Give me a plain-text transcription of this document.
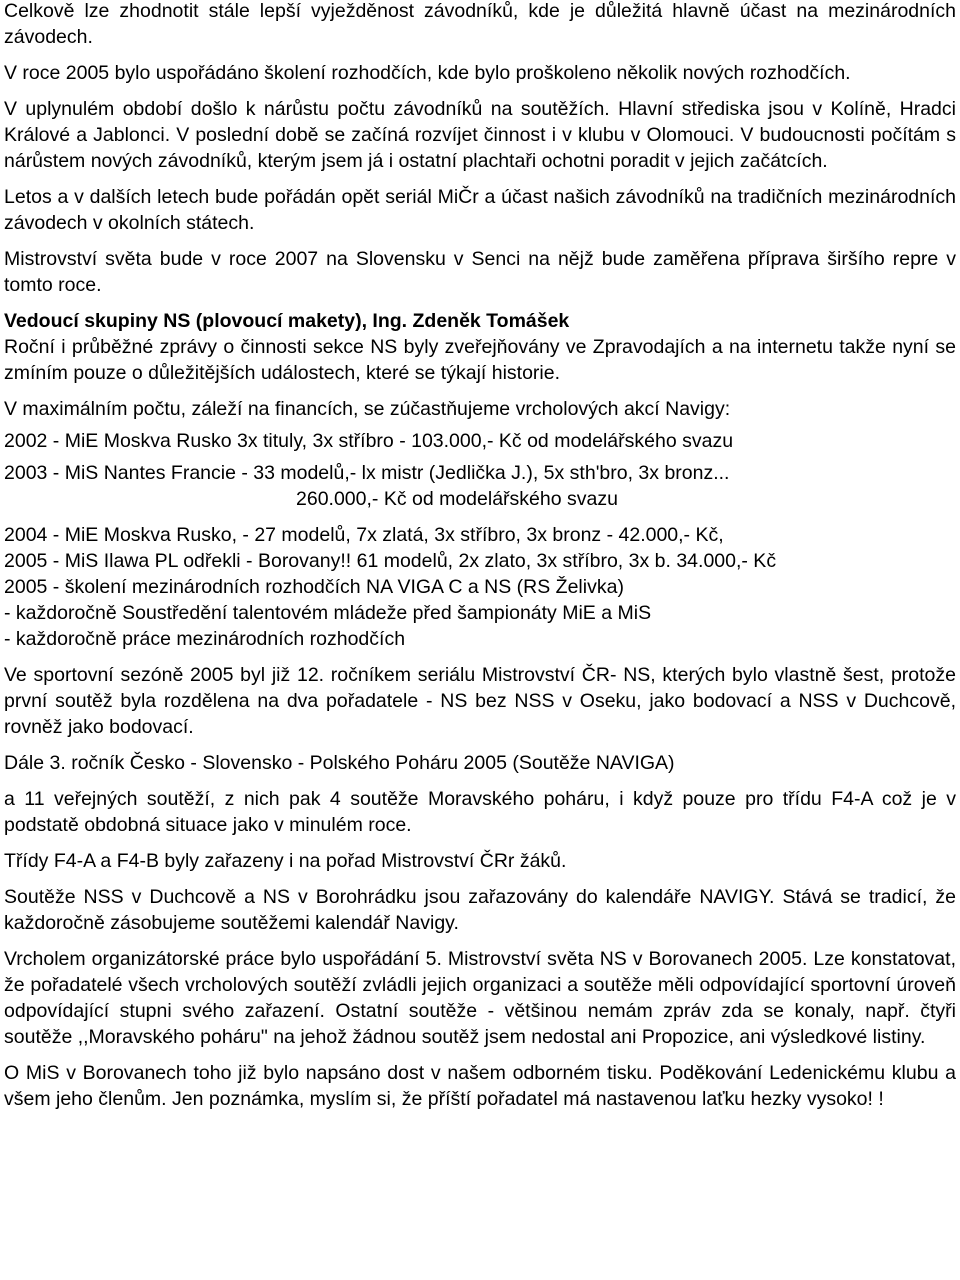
Celkově lze zhodnotit stále lepší vyježděnost závodníků, kde je důležitá hlavně účast na mezinárodních závodech.

V roce 2005 bylo uspořádáno školení rozhodčích, kde bylo proškoleno několik nových rozhodčích.

V uplynulém období došlo k nárůstu počtu závodníků na soutěžích. Hlavní střediska jsou v Kolíně, Hradci Králové a Jablonci. V poslední době se začíná rozvíjet činnost i v klubu v Olomouci. V budoucnosti počítám s nárůstem nových závodníků, kterým jsem já i ostatní plachtaři ochotni poradit v jejich začátcích.

Letos a v dalších letech bude pořádán opět seriál MiČr a účast našich závodníků na tradičních mezinárodních závodech v okolních státech.

Mistrovství světa bude v roce 2007 na Slovensku v Senci na nějž bude zaměřena příprava širšího repre v tomto roce.

Vedoucí skupiny NS (plovoucí makety), Ing. Zdeněk Tomášek

Roční i průběžné zprávy o činnosti sekce NS byly zveřejňovány ve Zpravodajích a na internetu takže nyní se zmíním pouze o důležitějších událostech, které se týkají historie.

V maximálním počtu, záleží na financích, se zúčastňujeme vrcholových akcí Navigy:

2002 - MiE Moskva Rusko 3x tituly, 3x stříbro - 103.000,- Kč od modelářského svazu

2003 - MiS Nantes Francie - 33 modelů,- lx mistr (Jedlička J.), 5x sth'bro, 3x bronz...

260.000,- Kč od modelářského svazu

2004 - MiE Moskva Rusko, - 27 modelů, 7x zlatá, 3x stříbro, 3x bronz - 42.000,- Kč,

2005 - MiS Ilawa PL odřekli - Borovany!! 61 modelů, 2x zlato, 3x stříbro, 3x b. 34.000,- Kč

2005 - školení mezinárodních rozhodčích NA VIGA C a NS (RS Želivka)

- každoročně Soustředění talentovém mládeže před šampionáty MiE a MiS

- každoročně práce mezinárodních rozhodčích

Ve sportovní sezóně 2005 byl již 12. ročníkem seriálu Mistrovství ČR- NS, kterých bylo vlastně šest, protože první soutěž byla rozdělena na dva pořadatele - NS bez NSS v Oseku, jako bodovací a NSS v Duchcově, rovněž jako bodovací.

Dále 3. ročník Česko - Slovensko - Polského Poháru 2005 (Soutěže NAVIGA)

a 11 veřejných soutěží, z nich pak 4 soutěže Moravského poháru, i když pouze pro třídu F4-A což je v podstatě obdobná situace jako v minulém roce.

Třídy F4-A a F4-B byly zařazeny i na pořad Mistrovství ČRr žáků.

Soutěže NSS v Duchcově a NS v Borohrádku jsou zařazovány do kalendáře NAVIGY. Stává se tradicí, že každoročně zásobujeme soutěžemi kalendář Navigy.

Vrcholem organizátorské práce bylo uspořádání 5. Mistrovství světa NS v Borovanech 2005. Lze konstatovat, že pořadatelé všech vrcholových soutěží zvládli jejich organizaci a soutěže měli odpovídající sportovní úroveň odpovídající stupni svého zařazení. Ostatní soutěže - většinou nemám zpráv zda se konaly, např. čtyři soutěže ,,Moravského poháru" na jehož žádnou soutěž jsem nedostal ani Propozice, ani výsledkové listiny.

O MiS v Borovanech toho již bylo napsáno dost v našem odborném tisku. Poděkování Ledenickému klubu a všem jeho členům. Jen poznámka, myslím si, že příští pořadatel má nastavenou laťku hezky vysoko! !
